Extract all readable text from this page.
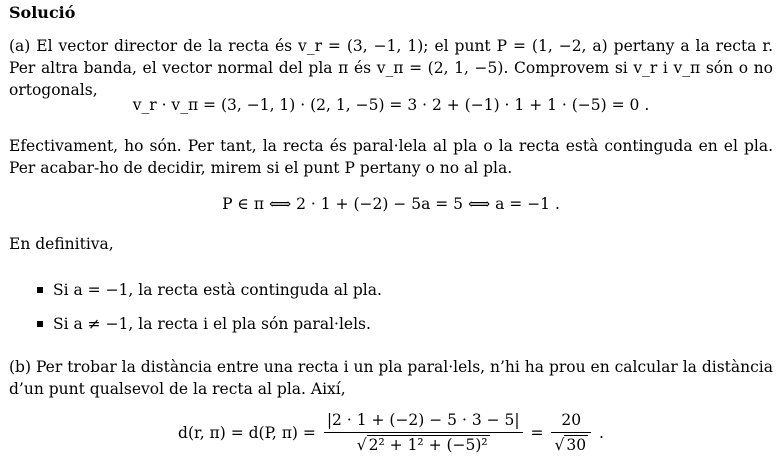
Solució
(a) El vector director de la recta és v_r = (3, −1, 1); el punt P = (1, −2, a) pertany a la recta r. Per altra banda, el vector normal del pla π és v_π = (2, 1, −5). Comprovem si v_r i v_π són o no ortogonals,
v_r · v_π = (3, −1, 1) · (2, 1, −5) = 3 · 2 + (−1) · 1 + 1 · (−5) = 0 .
Efectivament, ho són. Per tant, la recta és paral·lela al pla o la recta està continguda en el pla. Per acabar-ho de decidir, mirem si el punt P pertany o no al pla.
P ∈ π ⟺ 2 · 1 + (−2) − 5a = 5 ⟺ a = −1 .
En definitiva,
Si a = −1, la recta està continguda al pla.
Si a ≠ −1, la recta i el pla són paral·lels.
(b) Per trobar la distància entre una recta i un pla paral·lels, n’hi ha prou en calcular la distància d’un punt qualsevol de la recta al pla. Així,
d(r, π) = d(P, $\pi) = \frac{|2 \cdot 1 + (-2) - 5 \cdot 3 - 5|}{\text{√ 2² + 1² + (−5)²}} = \frac{20}{√ 30}$ .
